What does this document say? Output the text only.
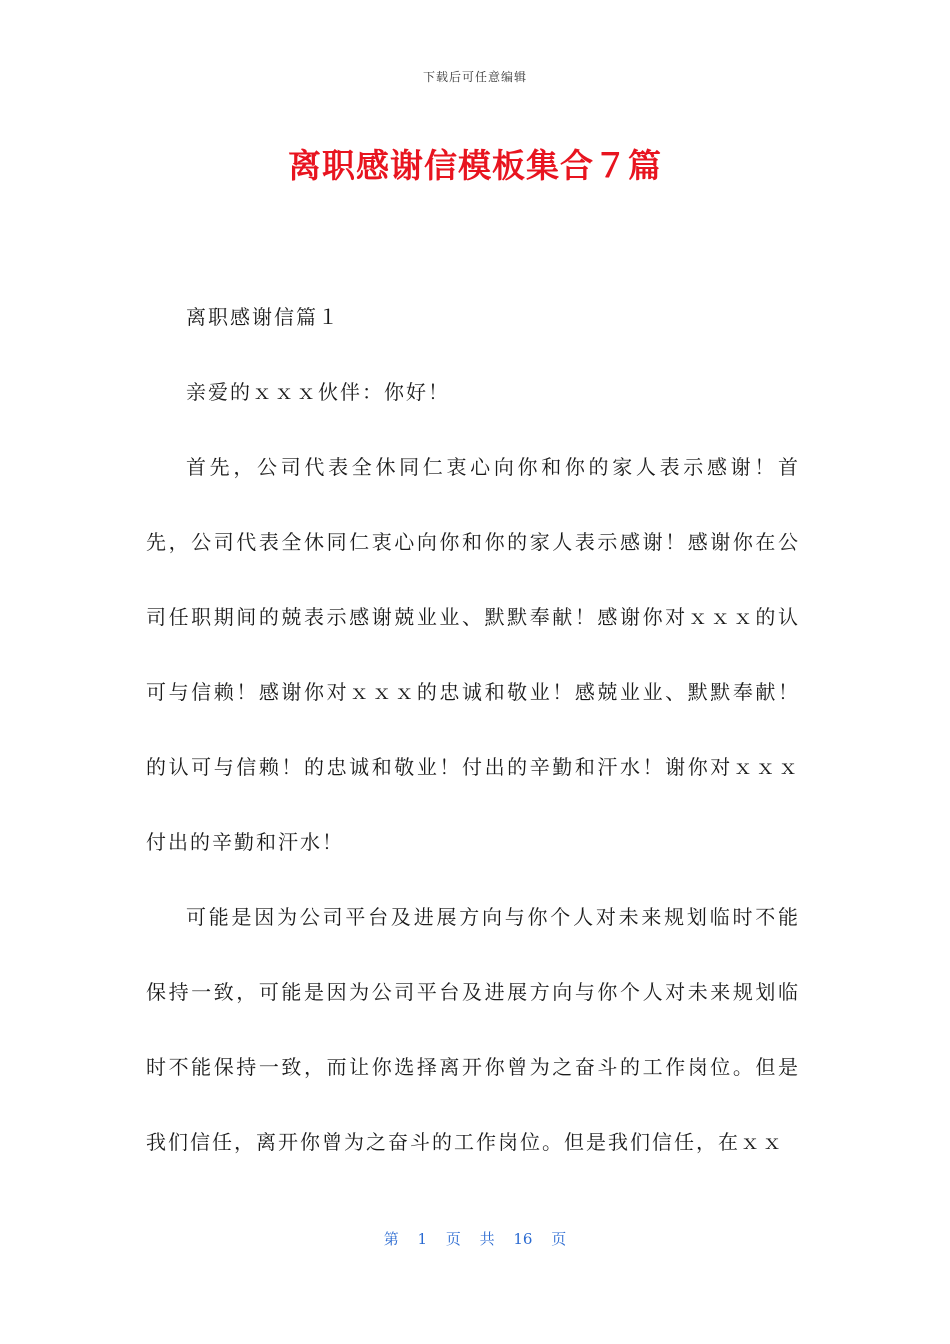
下载后可任意编辑
离职感谢信模板集合７篇

离职感谢信篇１

亲爱的ｘｘｘ伙伴：你好！

首先，公司代表全休同仁衷心向你和你的家人表示感谢！首先，公司代表全休同仁衷心向你和你的家人表示感谢！感谢你在公司任职期间的兢表示感谢兢业业、默默奉献！感谢你对ｘｘｘ的认可与信赖！感谢你对ｘｘｘ的忠诚和敬业！感兢业业、默默奉献！的认可与信赖！的忠诚和敬业！付出的辛勤和汗水！谢你对ｘｘｘ付出的辛勤和汗水！

可能是因为公司平台及进展方向与你个人对未来规划临时不能保持一致，可能是因为公司平台及进展方向与你个人对未来规划临时不能保持一致，而让你选择离开你曾为之奋斗的工作岗位。但是我们信任，离开你曾为之奋斗的工作岗位。但是我们信任，在ｘｘ

第 1 页 共 16 页
